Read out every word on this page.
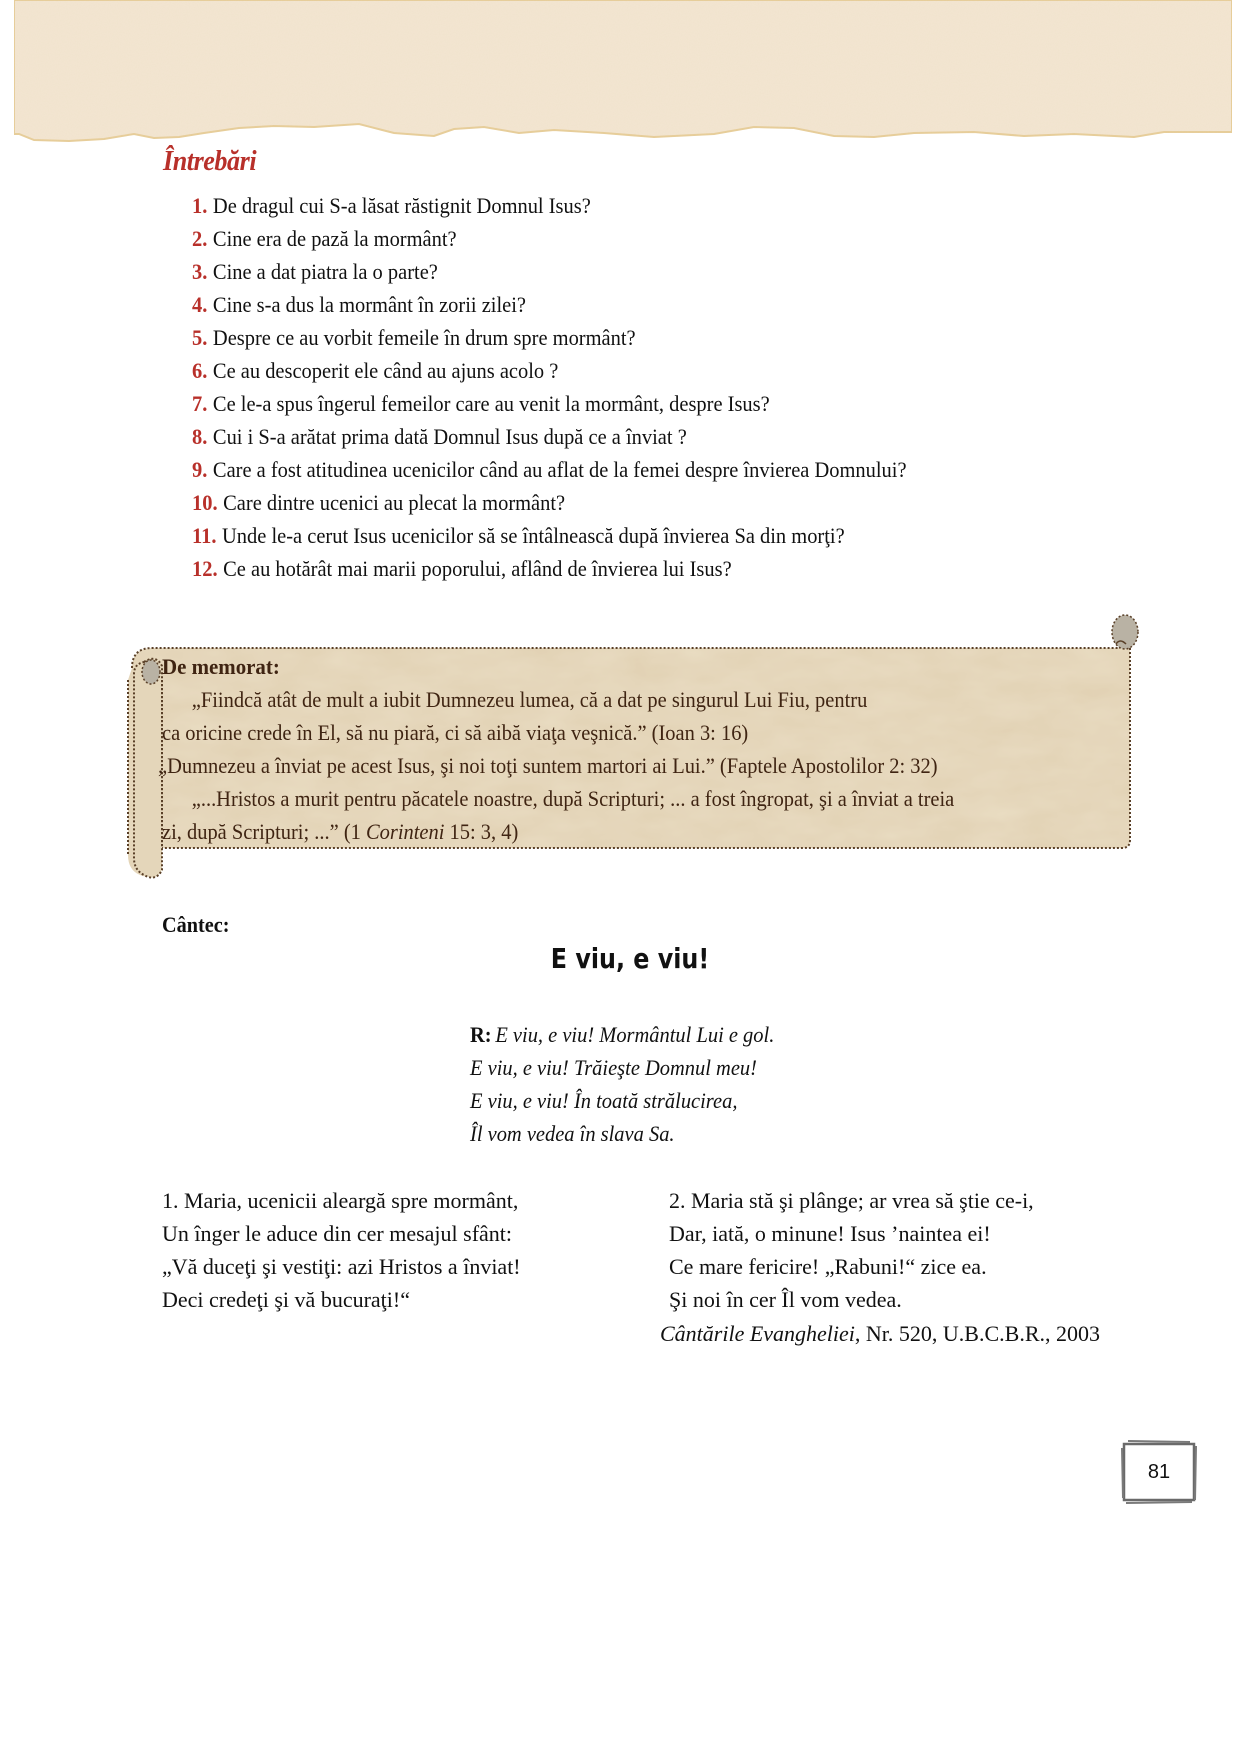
Întrebări
1. De dragul cui S-a lăsat răstignit Domnul Isus?
2. Cine era de pază la mormânt?
3. Cine a dat piatra la o parte?
4. Cine s-a dus la mormânt în zorii zilei?
5. Despre ce au vorbit femeile în drum spre mormânt?
6. Ce au descoperit ele când au ajuns acolo ?
7. Ce le-a spus îngerul femeilor care au venit la mormânt, despre Isus?
8. Cui i S-a arătat prima dată Domnul Isus după ce a înviat ?
9. Care a fost atitudinea ucenicilor când au aflat de la femei despre învierea Domnului?
10. Care dintre ucenici au plecat la mormânt?
11. Unde le-a cerut Isus ucenicilor să se întâlnească după învierea Sa din morţi?
12. Ce au hotărât mai marii poporului, aflând de învierea lui Isus?
De memorat:
„Fiindcă atât de mult a iubit Dumnezeu lumea, că a dat pe singurul Lui Fiu, pentru
ca oricine crede în El, să nu piară, ci să aibă viaţa veşnică.” (Ioan 3: 16)
„Dumnezeu a înviat pe acest Isus, şi noi toţi suntem martori ai Lui.” (Faptele Apostolilor 2: 32)
„...Hristos a murit pentru păcatele noastre, după Scripturi; ... a fost îngropat, şi a înviat a treia
zi, după Scripturi; ...” (1 Corinteni 15: 3, 4)
Cântec:
E viu, e viu!
R: E viu, e viu! Mormântul Lui e gol.
E viu, e viu! Trăieşte Domnul meu!
E viu, e viu! În toată strălucirea,
Îl vom vedea în slava Sa.
1. Maria, ucenicii aleargă spre mormânt,
Un înger le aduce din cer mesajul sfânt:
„Vă duceţi şi vestiţi: azi Hristos a înviat!
Deci credeţi şi vă bucuraţi!“
2. Maria stă şi plânge; ar vrea să ştie ce-i,
Dar, iată, o minune! Isus ’naintea ei!
Ce mare fericire! „Rabuni!“ zice ea.
Şi noi în cer Îl vom vedea.
Cântările Evangheliei, Nr. 520, U.B.C.B.R., 2003
81
